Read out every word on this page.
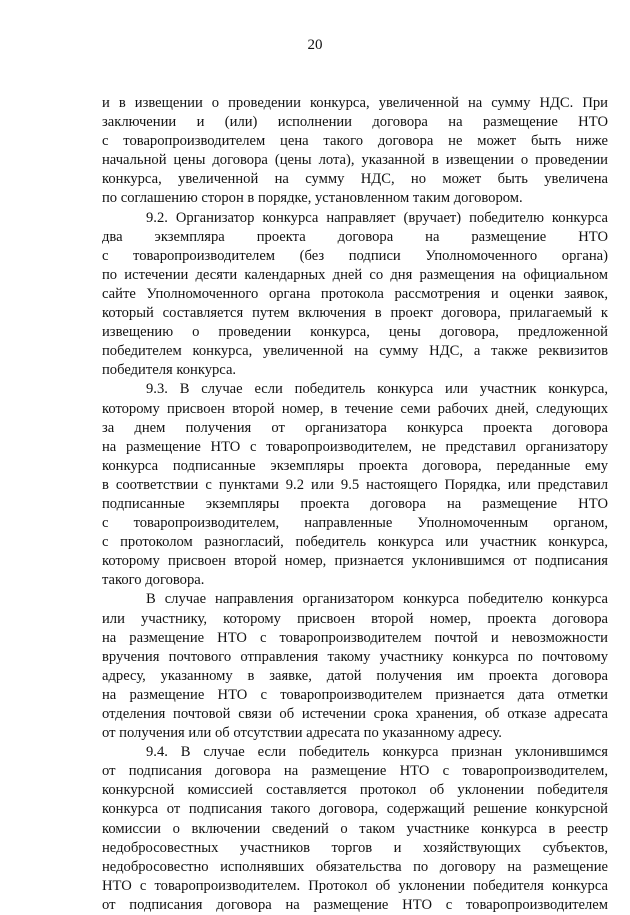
20
и в извещении о проведении конкурса, увеличенной на сумму НДС. При
заключении и (или) исполнении договора на размещение НТО
с товаропроизводителем цена такого договора не может быть ниже
начальной цены договора (цены лота), указанной в извещении о проведении
конкурса, увеличенной на сумму НДС, но может быть увеличена
по соглашению сторон в порядке, установленном таким договором.
9.2. Организатор конкурса направляет (вручает) победителю конкурса
два экземпляра проекта договора на размещение НТО
с товаропроизводителем (без подписи Уполномоченного органа)
по истечении десяти календарных дней со дня размещения на официальном
сайте Уполномоченного органа протокола рассмотрения и оценки заявок,
который составляется путем включения в проект договора, прилагаемый к
извещению о проведении конкурса, цены договора, предложенной
победителем конкурса, увеличенной на сумму НДС, а также реквизитов
победителя конкурса.
9.3. В случае если победитель конкурса или участник конкурса,
которому присвоен второй номер, в течение семи рабочих дней, следующих
за днем получения от организатора конкурса проекта договора
на размещение НТО с товаропроизводителем, не представил организатору
конкурса подписанные экземпляры проекта договора, переданные ему
в соответствии с пунктами 9.2 или 9.5 настоящего Порядка, или представил
подписанные экземпляры проекта договора на размещение НТО
с товаропроизводителем, направленные Уполномоченным органом,
с протоколом разногласий, победитель конкурса или участник конкурса,
которому присвоен второй номер, признается уклонившимся от подписания
такого договора.
В случае направления организатором конкурса победителю конкурса
или участнику, которому присвоен второй номер, проекта договора
на размещение НТО с товаропроизводителем почтой и невозможности
вручения почтового отправления такому участнику конкурса по почтовому
адресу, указанному в заявке, датой получения им проекта договора
на размещение НТО с товаропроизводителем признается дата отметки
отделения почтовой связи об истечении срока хранения, об отказе адресата
от получения или об отсутствии адресата по указанному адресу.
9.4. В случае если победитель конкурса признан уклонившимся
от подписания договора на размещение НТО с товаропроизводителем,
конкурсной комиссией составляется протокол об уклонении победителя
конкурса от подписания такого договора, содержащий решение конкурсной
комиссии о включении сведений о таком участнике конкурса в реестр
недобросовестных участников торгов и хозяйствующих субъектов,
недобросовестно исполнявших обязательства по договору на размещение
НТО с товаропроизводителем. Протокол об уклонении победителя конкурса
от подписания договора на размещение НТО с товаропроизводителем
